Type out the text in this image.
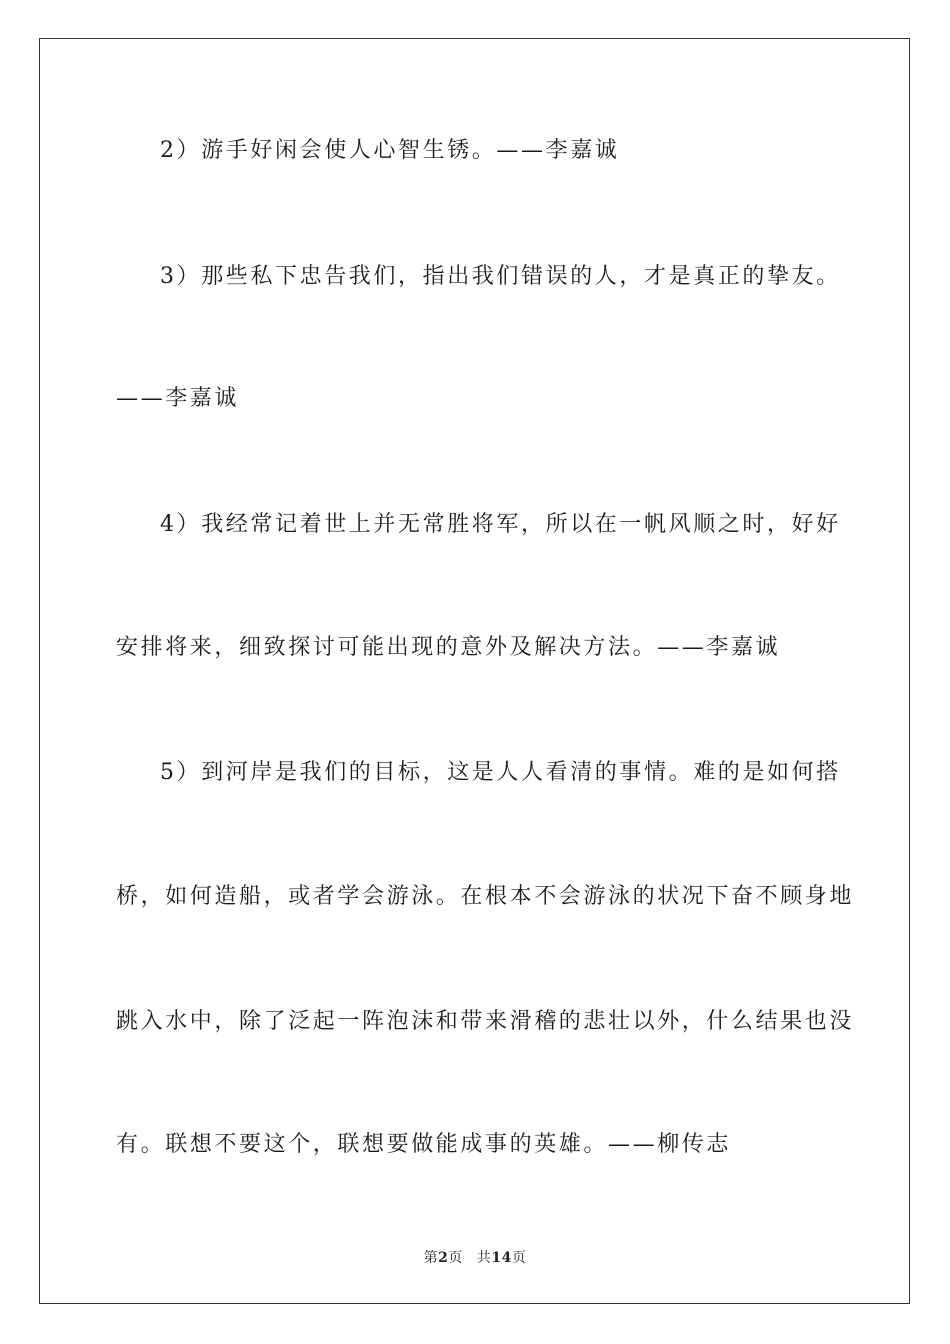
2）游手好闲会使人心智生锈。——李嘉诚
3）那些私下忠告我们，指出我们错误的人，才是真正的挚友。
——李嘉诚
4）我经常记着世上并无常胜将军，所以在一帆风顺之时，好好
安排将来，细致探讨可能出现的意外及解决方法。——李嘉诚
5）到河岸是我们的目标，这是人人看清的事情。难的是如何搭
桥，如何造船，或者学会游泳。在根本不会游泳的状况下奋不顾身地
跳入水中，除了泛起一阵泡沫和带来滑稽的悲壮以外，什么结果也没
有。联想不要这个，联想要做能成事的英雄。——柳传志
第2页 共14页
